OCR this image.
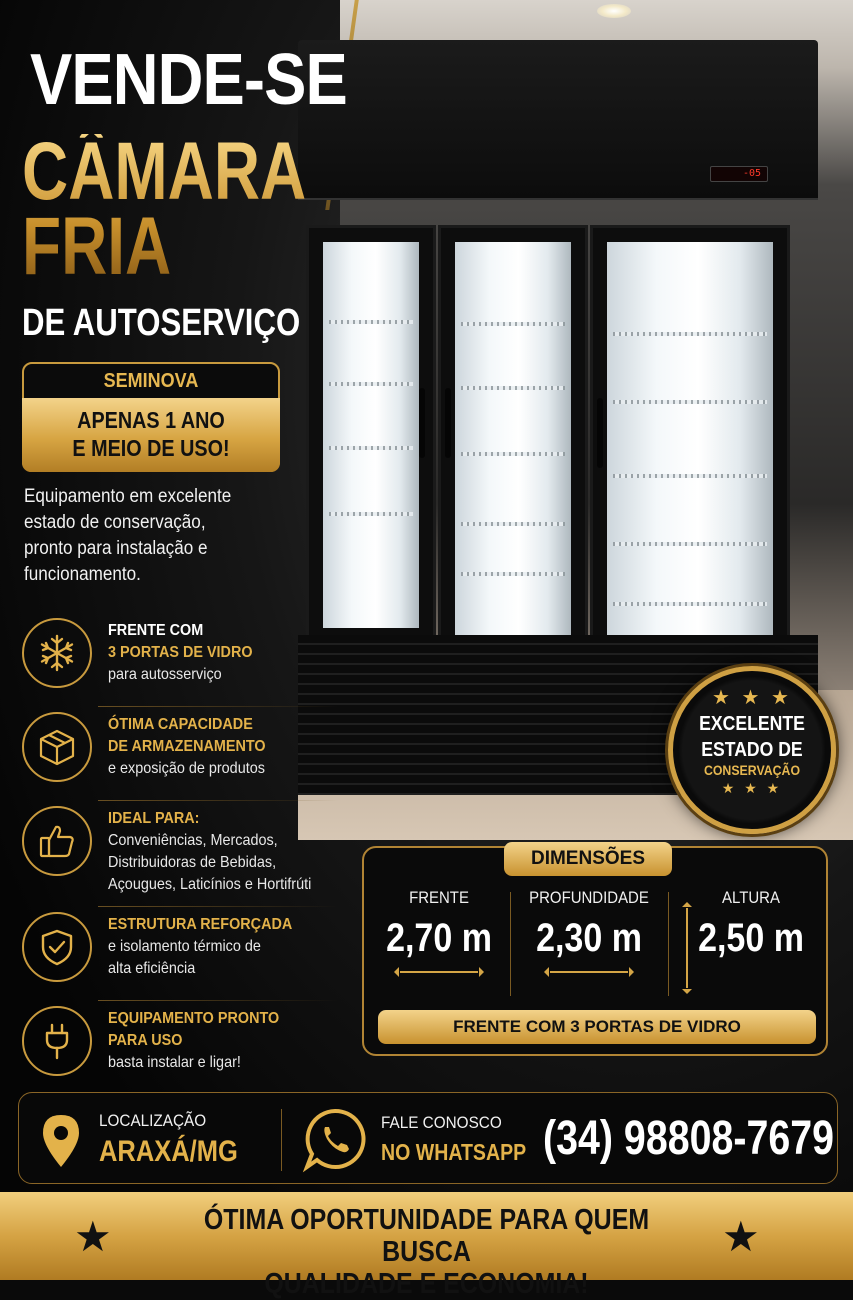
-05
VENDE-SE
CÂMARA
FRIA
DE AUTOSERVIÇO
SEMINOVA
APENAS 1 ANO
E MEIO DE USO!
Equipamento em excelente
estado de conservação,
pronto para instalação e
funcionamento.
FRENTE COM
3 PORTAS DE VIDRO
para autosserviço
ÓTIMA CAPACIDADE
DE ARMAZENAMENTO
e exposição de produtos
IDEAL PARA:
Conveniências, Mercados,
Distribuidoras de Bebidas,
Açougues, Laticínios e Hortifrúti
ESTRUTURA REFORÇADA
e isolamento térmico de
alta eficiência
EQUIPAMENTO PRONTO
PARA USO
basta instalar e ligar!
★ ★ ★
EXCELENTE
ESTADO DE
CONSERVAÇÃO
★ ★ ★
DIMENSÕES
FRENTE
2,70 m
PROFUNDIDADE
2,30 m
ALTURA
2,50 m
FRENTE COM 3 PORTAS DE VIDRO
LOCALIZAÇÃO
ARAXÁ/MG
FALE CONOSCO
NO WHATSAPP (34) 98808-7679
★	ÓTIMA OPORTUNIDADE PARA QUEM BUSCA
QUALIDADE E ECONOMIA!
★
